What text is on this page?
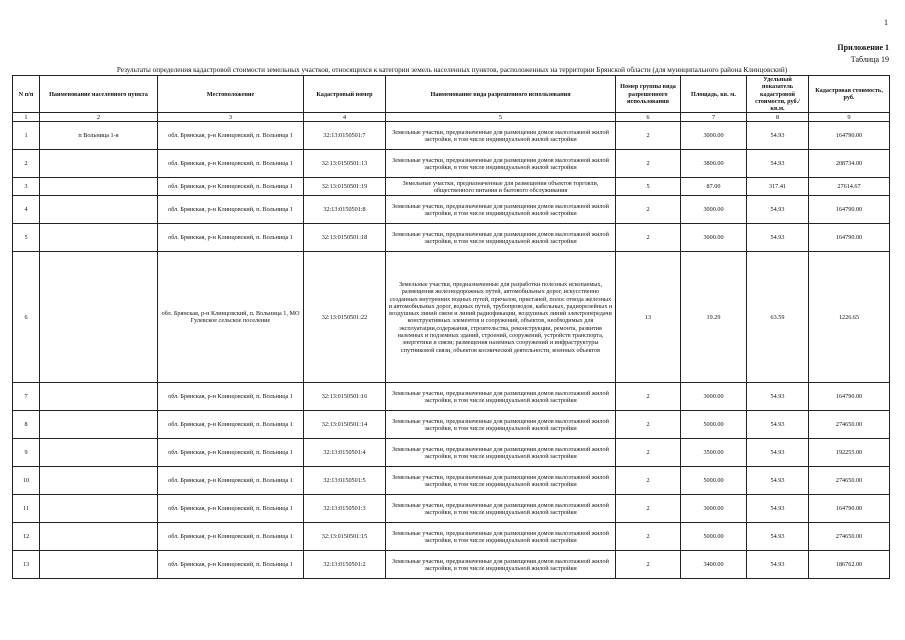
1
Приложение 1
Таблица 19
Результаты определения кадастровой стоимости земельных участков, относящихся к категории земель населенных пунктов, расположенных на территории Брянской области (для муниципального района Клинцовский)
N п/п	Наименование населенного пункта	Местоположение	Кадастровый номер	Наименование вида разрешенного использования	Номер группы вида разрешенного использования	Площадь, кв. м.	Удельный показатель кадастровой стоимости, руб./кв.м.	Кадастровая стоимость, руб.
1	2	3	4	5	6	7	8	9
1	п Вольница 1-я	обл. Брянская, р-н Клинцовский, п. Вольница 1	32:13:0150501:7	Земельные участки, предназначенные для размещения домов малоэтажной жилой застройки, в том числе индивидуальной жилой застройки	2	3000.00	54.93	164790.00
2		обл. Брянская, р-н Клинцовский, п. Вольница 1	32:13:0150501:13	Земельные участки, предназначенные для размещения домов малоэтажной жилой застройки, в том числе индивидуальной жилой застройки	2	3800.00	54.93	208734.00
3		обл. Брянская, р-н Клинцовский, п. Вольница 1	32:13:0150501:19	Земельные участки, предназначенные для размещения объектов торговли, общественного питания и бытового обслуживания	5	87.00	317.41	27614.67
4		обл. Брянская, р-н Клинцовский, п. Вольница 1	32:13:0150501:8	Земельные участки, предназначенные для размещения домов малоэтажной жилой застройки, в том числе индивидуальной жилой застройки	2	3000.00	54.93	164790.00
5		обл. Брянская, р-н Клинцовский, п. Вольница 1	32:13:0150501:18	Земельные участки, предназначенные для размещения домов малоэтажной жилой застройки, в том числе индивидуальной жилой застройки	2	3000.00	54.93	164790.00
6		обл. Брянская, р-н Клинцовский, п. Вольница 1, МО Гулевское сельское поселение	32:13:0150501:22	Земельные участки, предназначенные для разработки полезных ископаемых, размещения железнодорожных путей, автомобильных дорог, искусственно созданных внутренних водных путей, причалов, пристаней, полос отвода железных и автомобильных дорог, водных путей, трубопроводов, кабельных, радиорелейных и воздушных линий связи и линий радиофикации, воздушных линий электропередачи конструктивных элементов и сооружений, объектов, необходимых для эксплуатации,содержания, строительства, реконструкции, ремонта, развития наземных и подземных зданий, строений, сооружений, устройств транспорта, энергетики и связи; размещения наземных сооружений и инфраструктуры спутниковой связи, объектов космической деятельности, военных объектов	13	19.29	63.59	1226.65
7		обл. Брянская, р-н Клинцовский, п. Вольница 1	32:13:0150501:16	Земельные участки, предназначенные для размещения домов малоэтажной жилой застройки, в том числе индивидуальной жилой застройки	2	3000.00	54.93	164790.00
8		обл. Брянская, р-н Клинцовский, п. Вольница 1	32:13:0150501:14	Земельные участки, предназначенные для размещения домов малоэтажной жилой застройки, в том числе индивидуальной жилой застройки	2	5000.00	54.93	274650.00
9		обл. Брянская, р-н Клинцовский, п. Вольница 1	32:13:0150501:4	Земельные участки, предназначенные для размещения домов малоэтажной жилой застройки, в том числе индивидуальной жилой застройки	2	3500.00	54.93	192255.00
10		обл. Брянская, р-н Клинцовский, п. Вольница 1	32:13:0150501:5	Земельные участки, предназначенные для размещения домов малоэтажной жилой застройки, в том числе индивидуальной жилой застройки	2	5000.00	54.93	274650.00
11		обл. Брянская, р-н Клинцовский, п. Вольница 1	32:13:0150501:3	Земельные участки, предназначенные для размещения домов малоэтажной жилой застройки, в том числе индивидуальной жилой застройки	2	3000.00	54.93	164790.00
12		обл. Брянская, р-н Клинцовский, п. Вольница 1	32:13:0150501:15	Земельные участки, предназначенные для размещения домов малоэтажной жилой застройки, в том числе индивидуальной жилой застройки	2	5000.00	54.93	274650.00
13		обл. Брянская, р-н Клинцовский, п. Вольница 1	32:13:0150501:2	Земельные участки, предназначенные для размещения домов малоэтажной жилой застройки, в том числе индивидуальной жилой застройки	2	3400.00	54.93	186762.00
